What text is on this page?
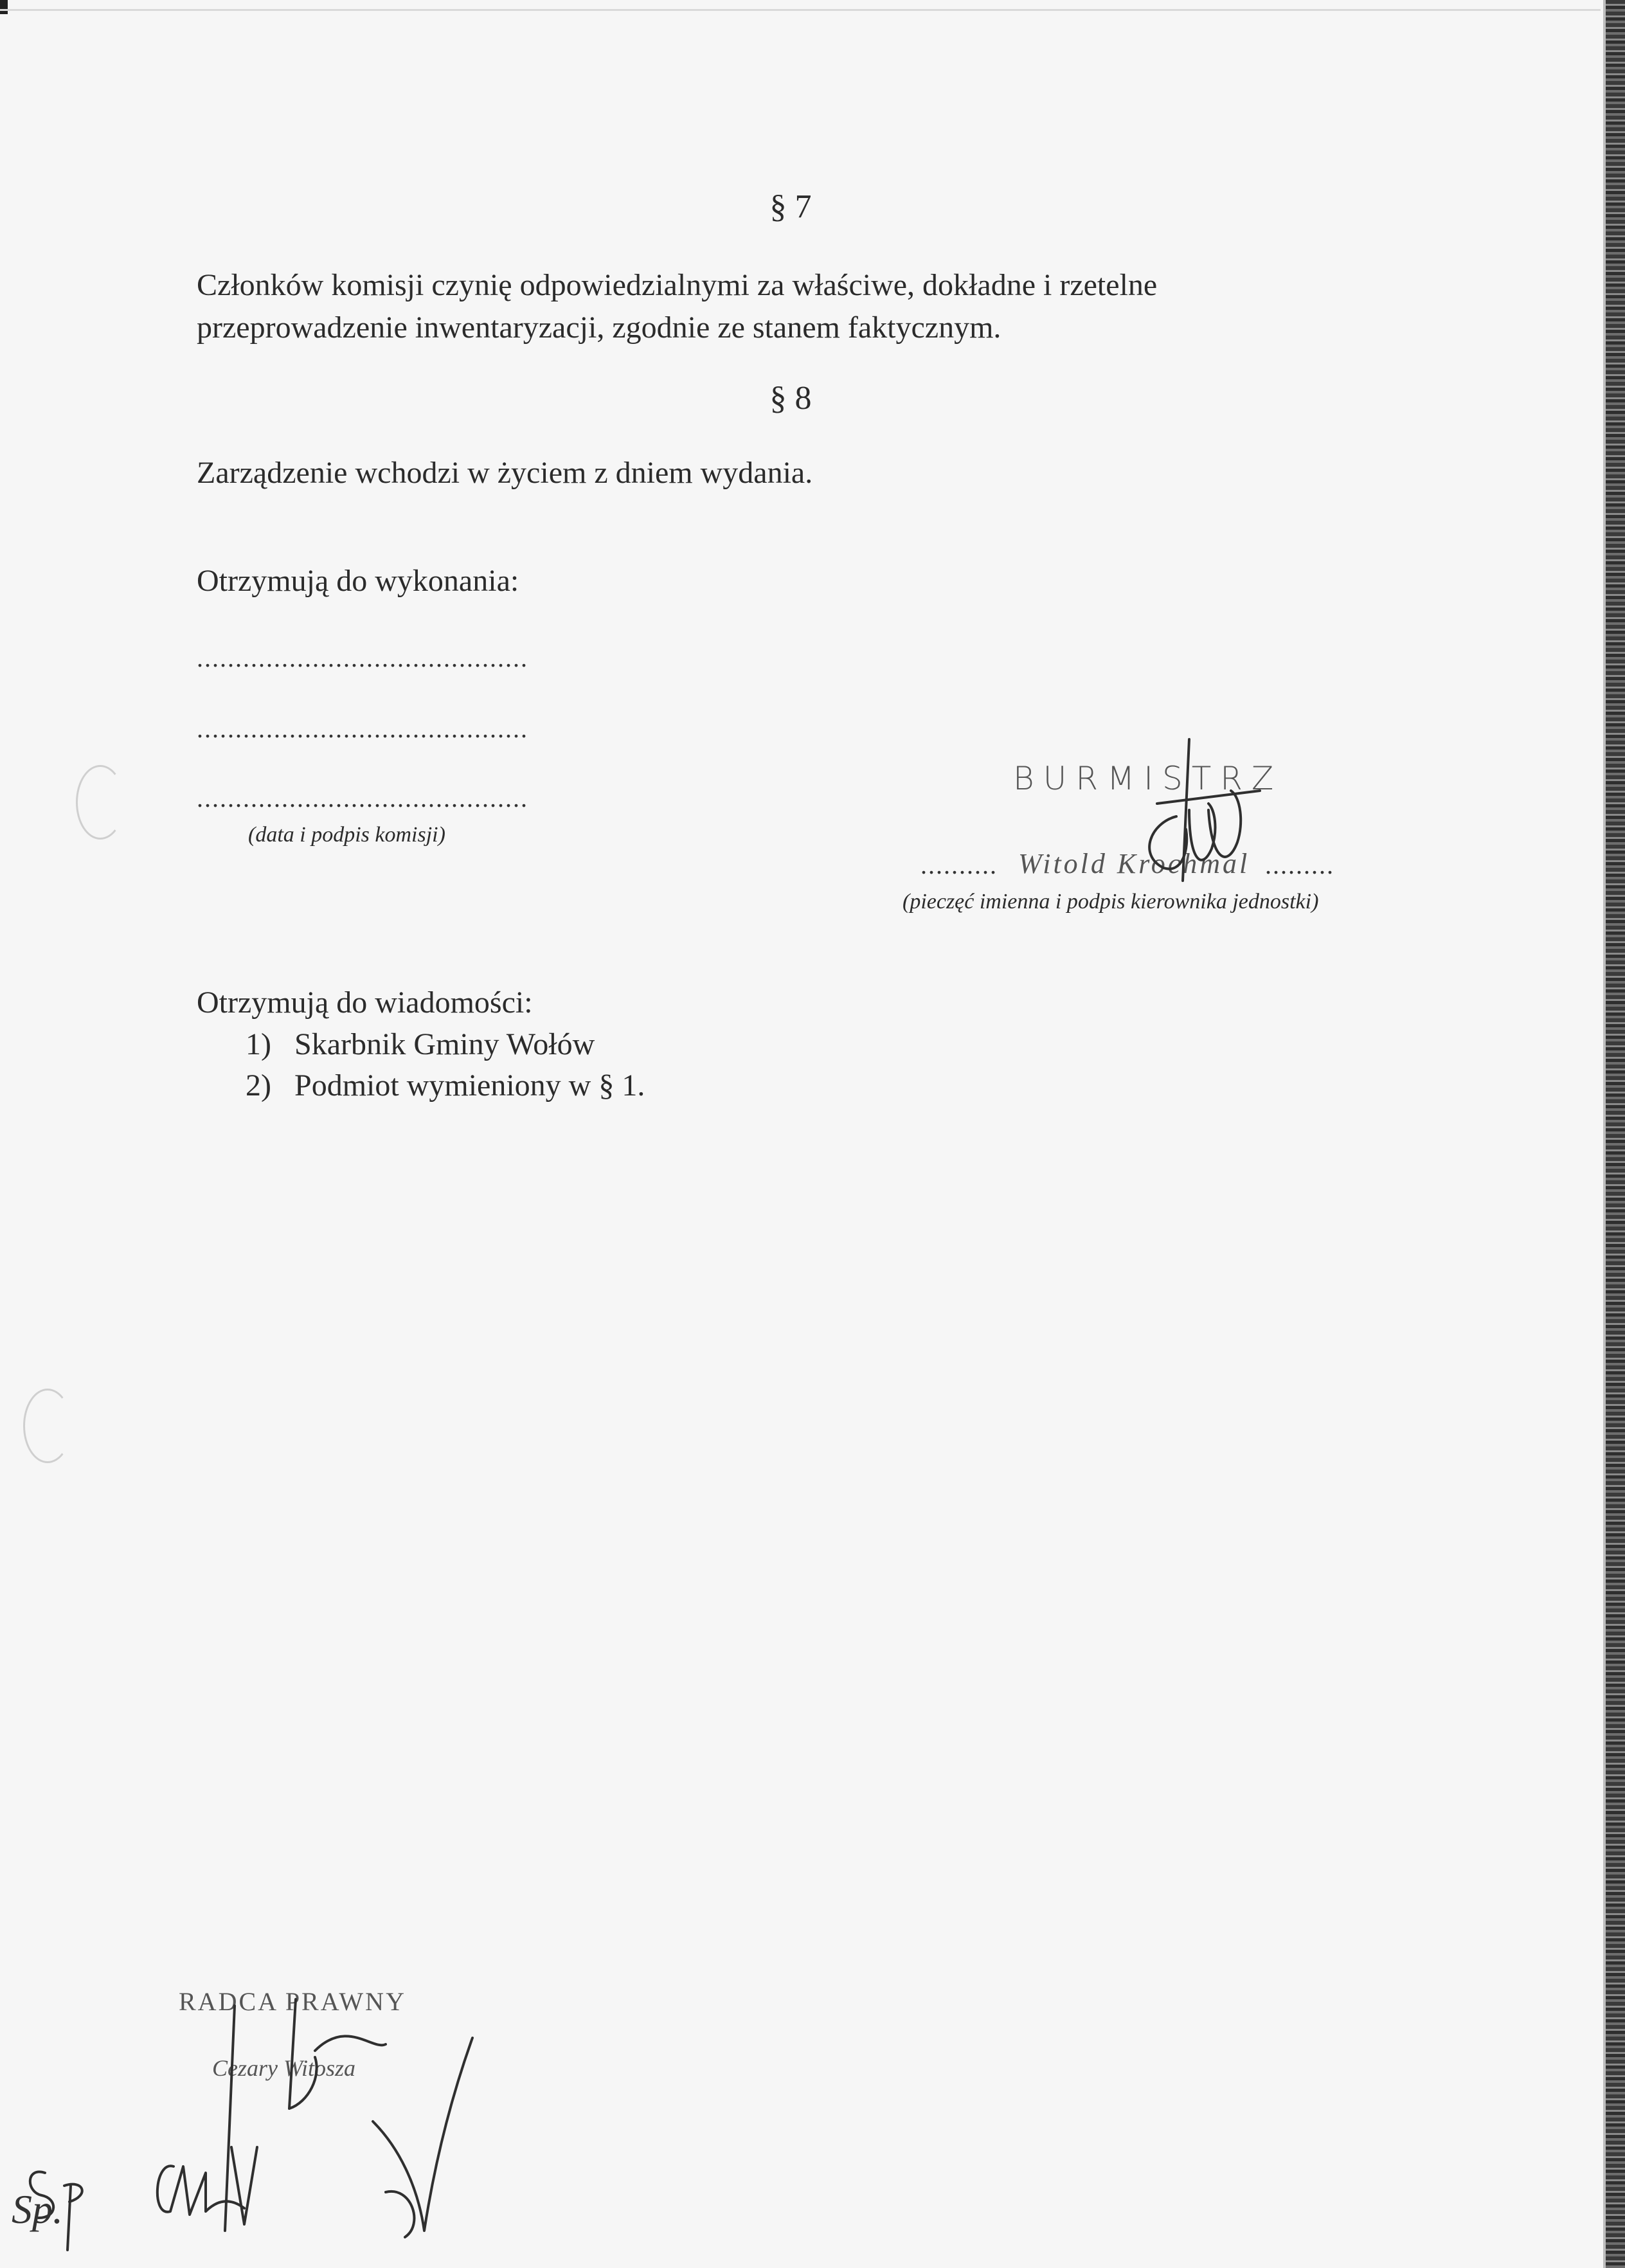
§ 7
Członków komisji czynię odpowiedzialnymi za właściwe, dokładne i rzetelne
przeprowadzenie inwentaryzacji, zgodnie ze stanem faktycznym.
§ 8
Zarządzenie wchodzi w życiem z dniem wydania.
Otrzymują do wykonania:
...........................................
...........................................
...........................................
(data i podpis komisji)
BURMISTRZ
.......... Witold Krochmal .........
(pieczęć imienna i podpis kierownika jednostki)
Otrzymują do wiadomości:
1) Skarbnik Gminy Wołów
2) Podmiot wymieniony w § 1.
RADCA PRAWNY
Cezary Witosza
Sp.
